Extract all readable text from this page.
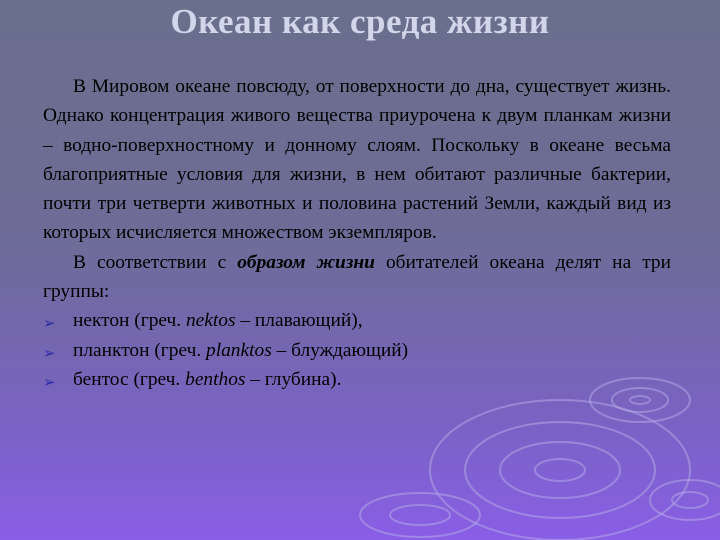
Океан как среда жизни

В Мировом океане повсюду, от поверхности до дна, существует жизнь. Однако концентрация живого вещества приурочена к двум планкам жизни – водно-поверхностному и донному слоям. Поскольку в океане весьма благоприятные условия для жизни, в нем обитают различные бактерии, почти три четверти животных и половина растений Земли, каждый вид из которых исчисляется множеством экземпляров.

В соответствии с образом жизни обитателей океана делят на три группы:

➢ нектон (греч. nektos – плавающий),
➢ планктон (греч. planktos – блуждающий)
➢ бентос (греч. benthos – глубина).
